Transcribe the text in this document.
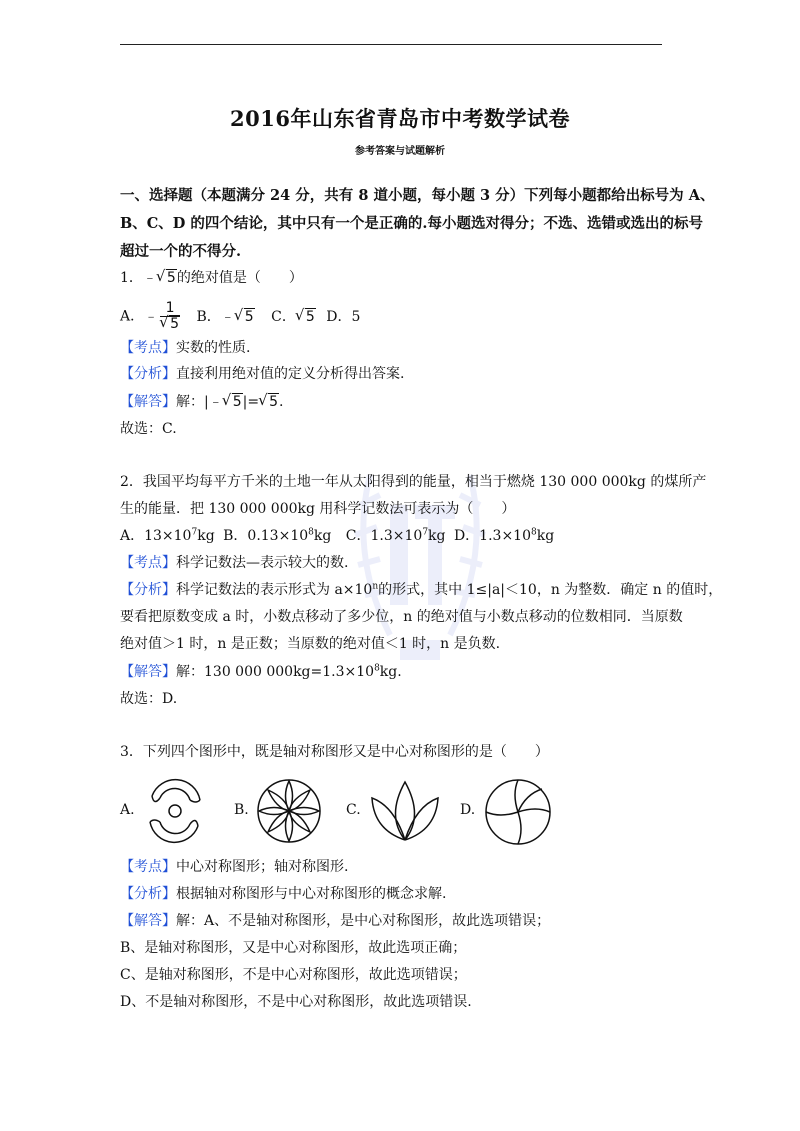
2016年山东省青岛市中考数学试卷
参考答案与试题解析
一、选择题（本题满分 24 分，共有 8 道小题，每小题 3 分）下列每小题都给出标号为 A、
B、C、D 的四个结论，其中只有一个是正确的.每小题选对得分；不选、选错或选出的标号
超过一个的不得分.
1．﹣ √ 5的绝对值是（　　）
A．﹣ 1
√ 5 B．﹣ √ 5 C． √ 5 D．5
【考点】实数的性质.
【分析】直接利用绝对值的定义分析得出答案.
【解答】解：|﹣ √ 5|= √ 5.
故选：C.
2．我国平均每平方千米的土地一年从太阳得到的能量，相当于燃烧 130 000 000kg 的煤所产
生的能量．把 130 000 000kg 用科学记数法可表示为（　　）
A．$13\times 10^7kg$ B．$0.13\times 10^8kg$ C．$1.3\times 10^7kg$ D．$1.3\times 10^8kg$
【考点】科学记数法—表示较大的数.
【分析】科学记数法的表示形式为 $a\times 10^n$的形式，其中 1≤|a|＜10，n 为整数．确定 n 的值时，
要看把原数变成 a 时，小数点移动了多少位，n 的绝对值与小数点移动的位数相同．当原数
绝对值＞1 时，n 是正数；当原数的绝对值＜1 时，n 是负数.
【解答】解：130 000 $000kg=1.3\times 10^8kg$.
故选：D.
3．下列四个图形中，既是轴对称图形又是中心对称图形的是（　　）
A.	B.	C.	D.
【考点】中心对称图形；轴对称图形.
【分析】根据轴对称图形与中心对称图形的概念求解.
【解答】解：A、不是轴对称图形，是中心对称图形，故此选项错误；
B、是轴对称图形，又是中心对称图形，故此选项正确；
C、是轴对称图形，不是中心对称图形，故此选项错误；
D、不是轴对称图形，不是中心对称图形，故此选项错误.
